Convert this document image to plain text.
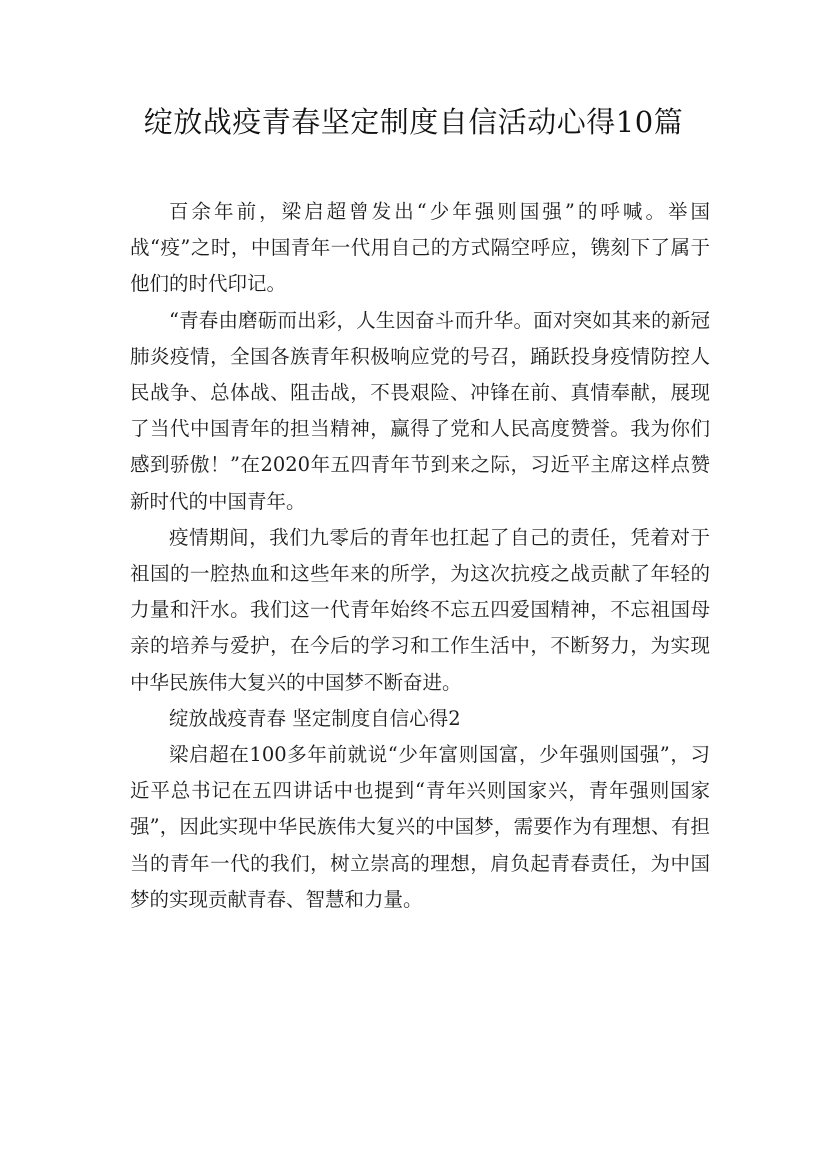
绽放战疫青春坚定制度自信活动心得10篇

百余年前，梁启超曾发出“少年强则国强”的呼喊。举国战“疫”之时，中国青年一代用自己的方式隔空呼应，镌刻下了属于他们的时代印记。

“青春由磨砺而出彩，人生因奋斗而升华。面对突如其来的新冠肺炎疫情，全国各族青年积极响应党的号召，踊跃投身疫情防控人民战争、总体战、阻击战，不畏艰险、冲锋在前、真情奉献，展现了当代中国青年的担当精神，赢得了党和人民高度赞誉。我为你们感到骄傲！”在2020年五四青年节到来之际，习近平主席这样点赞新时代的中国青年。

疫情期间，我们九零后的青年也扛起了自己的责任，凭着对于祖国的一腔热血和这些年来的所学，为这次抗疫之战贡献了年轻的力量和汗水。我们这一代青年始终不忘五四爱国精神，不忘祖国母亲的培养与爱护，在今后的学习和工作生活中，不断努力，为实现中华民族伟大复兴的中国梦不断奋进。

绽放战疫青春 坚定制度自信心得2

梁启超在100多年前就说“少年富则国富，少年强则国强”，习近平总书记在五四讲话中也提到“青年兴则国家兴，青年强则国家强”，因此实现中华民族伟大复兴的中国梦，需要作为有理想、有担当的青年一代的我们，树立崇高的理想，肩负起青春责任，为中国梦的实现贡献青春、智慧和力量。
